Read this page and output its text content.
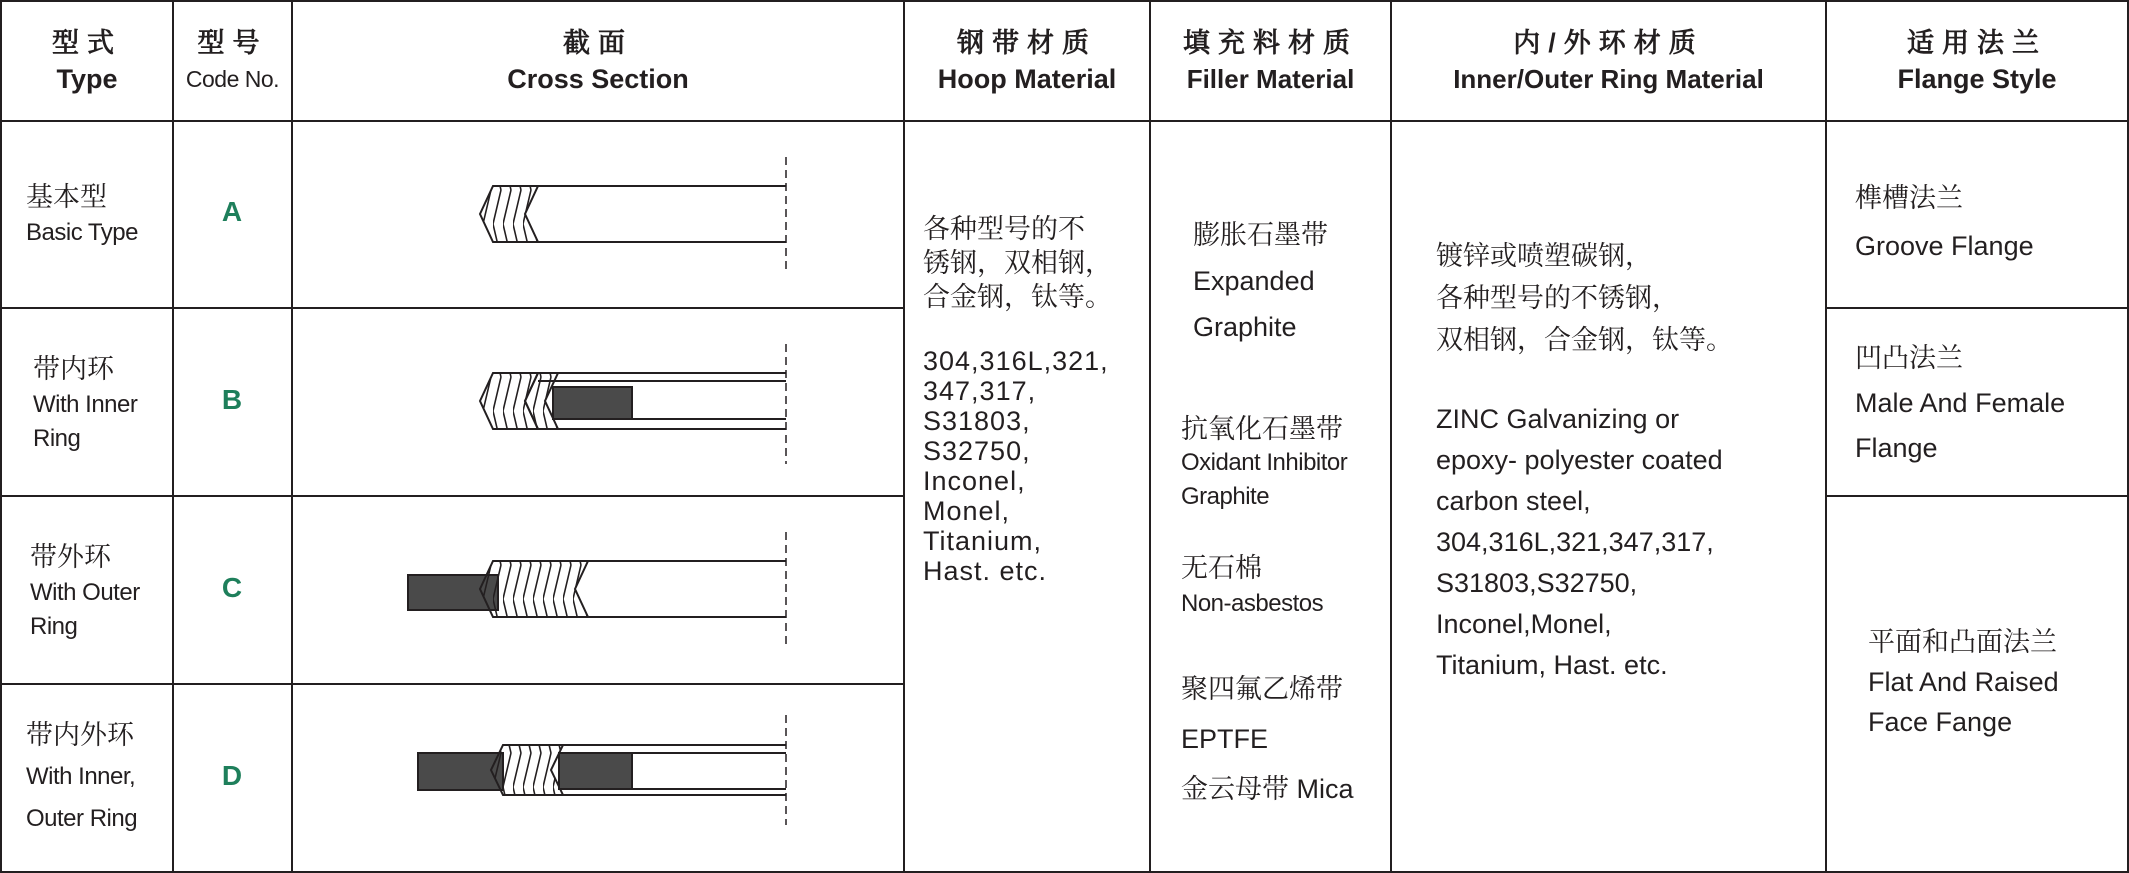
型式
Type
型号
Code No.
截面
Cross Section
钢带材质
Hoop Material
填充料材质
Filler Material
内/外环材质
Inner/Outer Ring Material
适用法兰
Flange Style
基本型
Basic Type
带内环
With Inner
Ring
带外环
With Outer
Ring
带内外环
With Inner,
Outer Ring
A
B
C
D
各种型号的不
锈钢，双相钢，
合金钢，钛等。
304,316L,321,
347,317,
S31803,
S32750,
Inconel,
Monel,
Titanium,
Hast. etc.
膨胀石墨带
Expanded
Graphite
抗氧化石墨带
Oxidant Inhibitor
Graphite
无石棉
Non-asbestos
聚四氟乙烯带
EPTFE
金云母带 Mica
镀锌或喷塑碳钢，
各种型号的不锈钢，
双相钢，合金钢，钛等。
ZINC Galvanizing or
epoxy- polyester coated
carbon steel,
304,316L,321,347,317,
S31803,S32750,
Inconel,Monel,
Titanium, Hast. etc.
榫槽法兰
Groove Flange
凹凸法兰
Male And Female
Flange
平面和凸面法兰
Flat And Raised
Face Fange
